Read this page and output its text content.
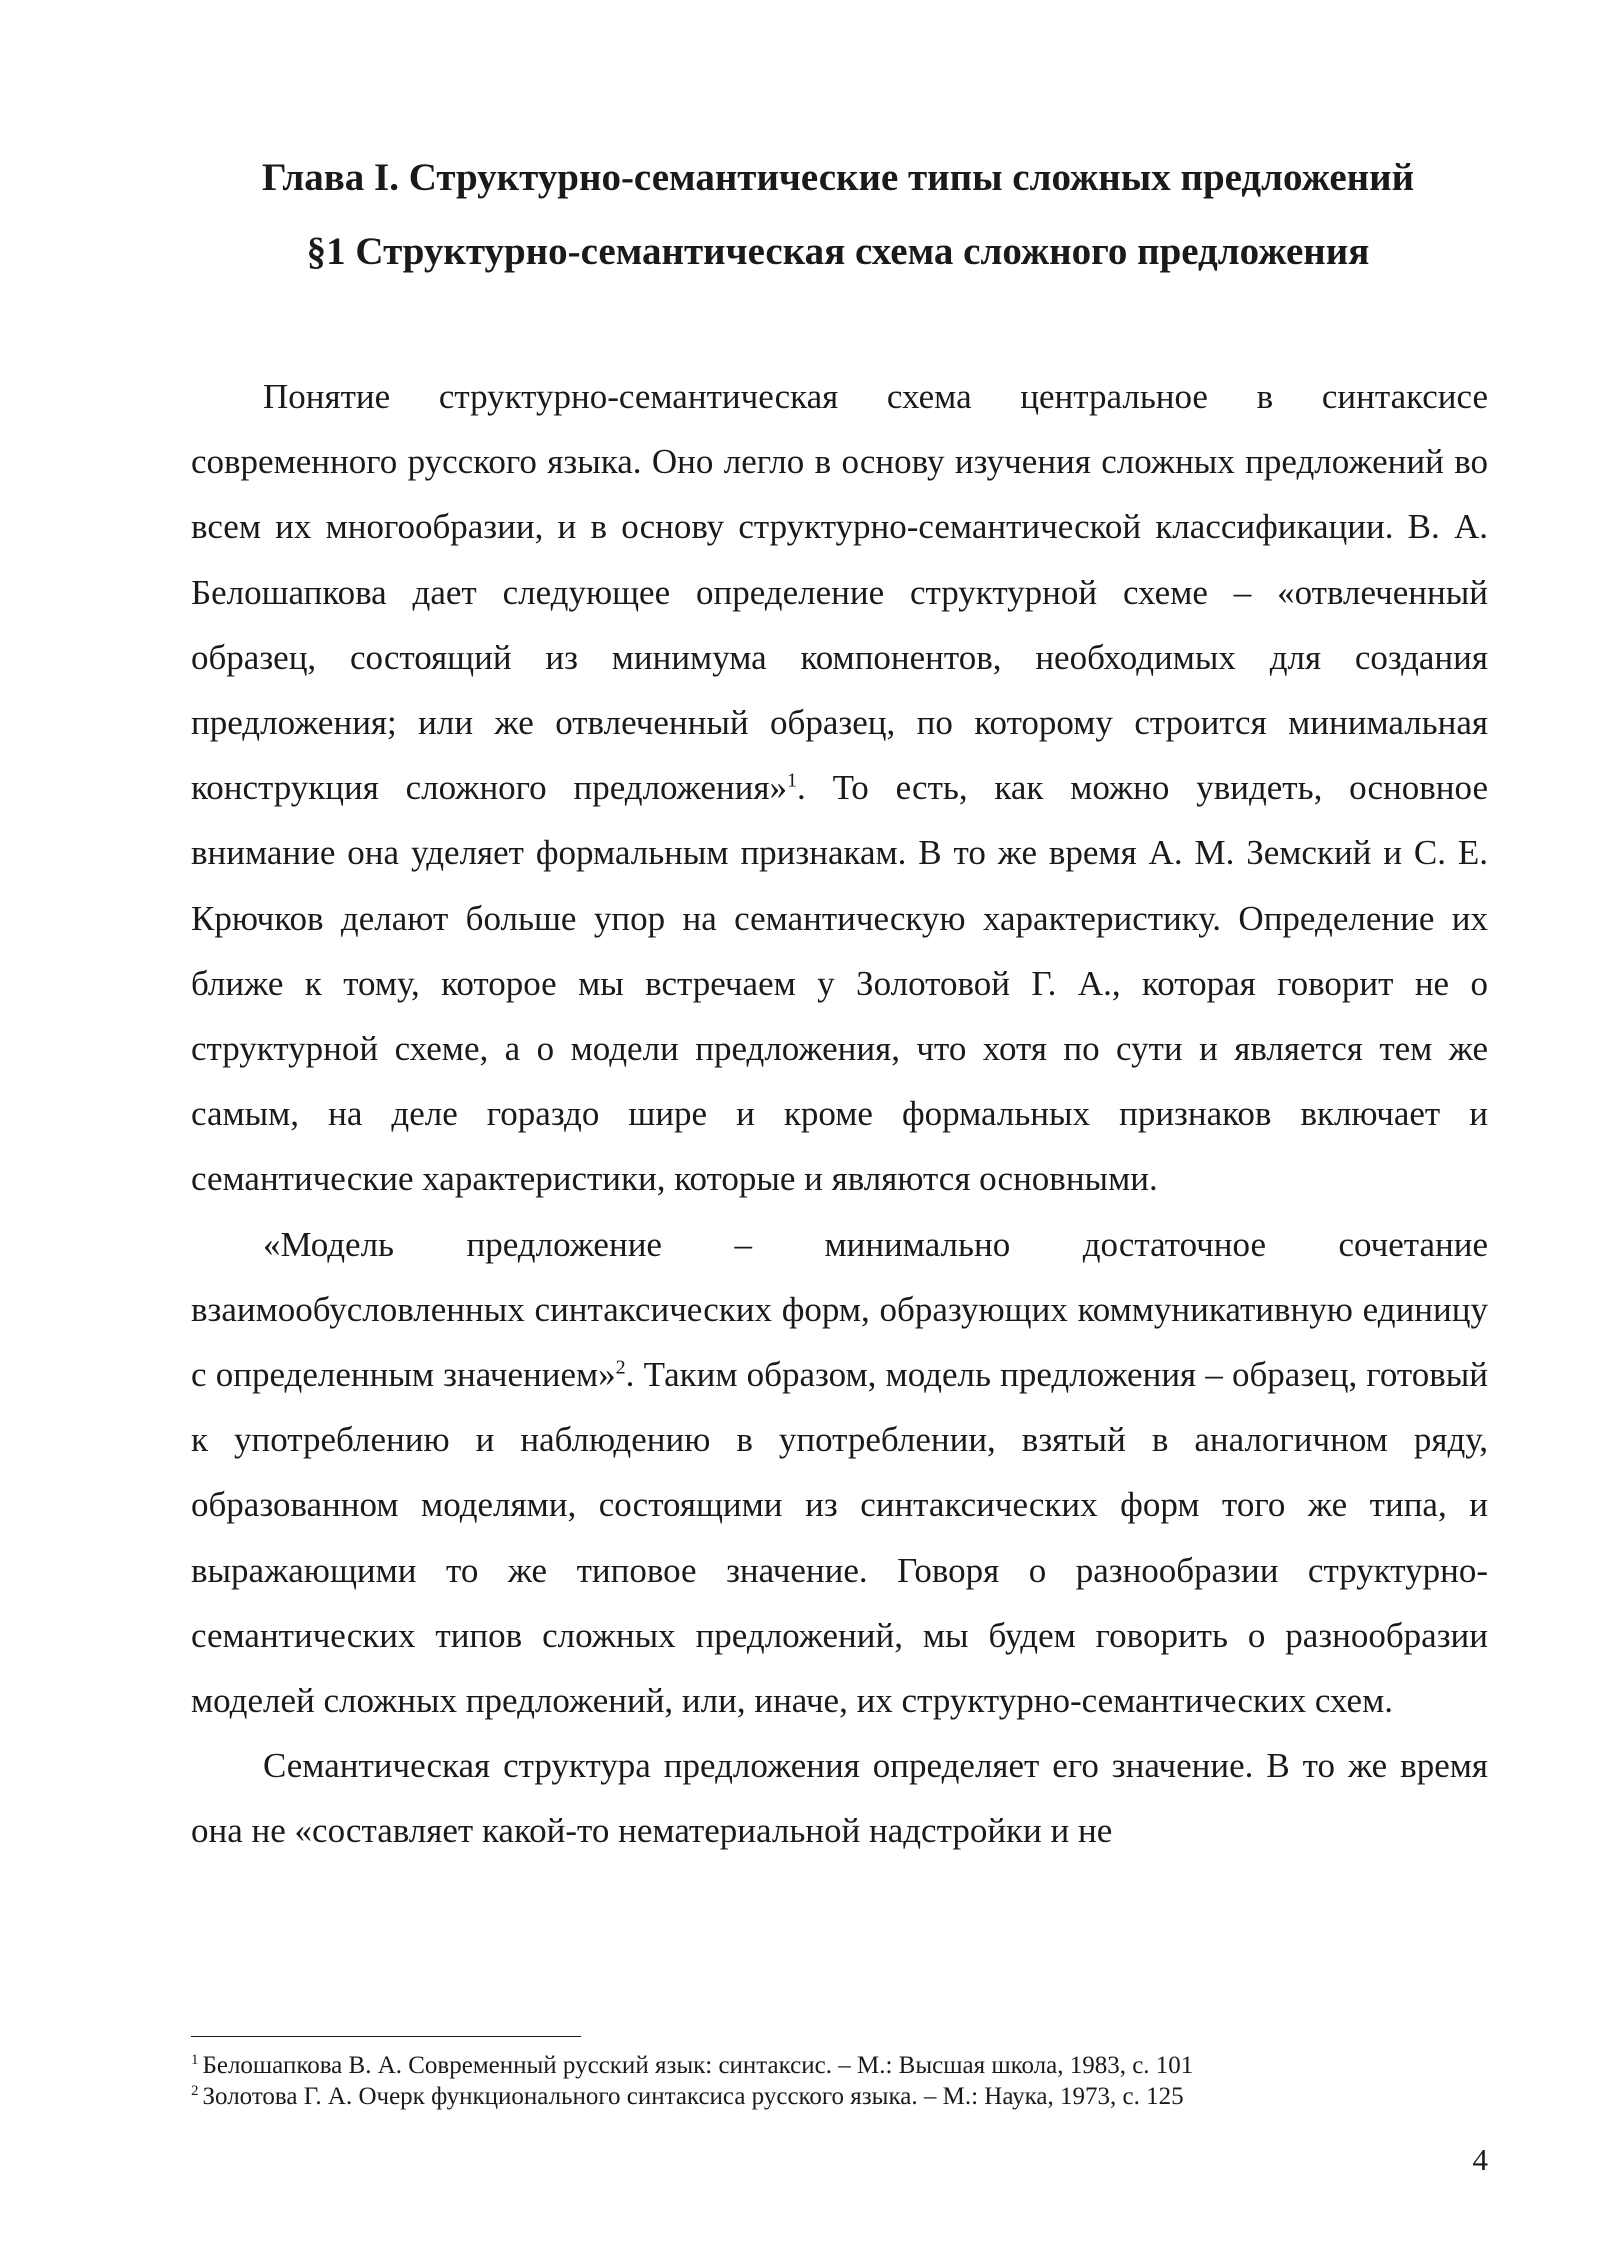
Глава I. Структурно-семантические типы сложных предложений
§1 Структурно-семантическая схема сложного предложения

Понятие структурно-семантическая схема центральное в синтаксисе современного русского языка. Оно легло в основу изучения сложных предложений во всем их многообразии, и в основу структурно-семантической классификации. В. А. Белошапкова дает следующее определение структурной схеме – «отвлеченный образец, состоящий из минимума компонентов, необходимых для создания предложения; или же отвлеченный образец, по которому строится минимальная конструкция сложного предложения»$^1$. То есть, как можно увидеть, основное внимание она уделяет формальным признакам. В то же время А. М. Земский и С. Е. Крючков делают больше упор на семантическую характеристику. Определение их ближе к тому, которое мы встречаем у Золотовой Г. А., которая говорит не о структурной схеме, а о модели предложения, что хотя по сути и является тем же самым, на деле гораздо шире и кроме формальных признаков включает и семантические характеристики, которые и являются основными.

«Модель предложение – минимально достаточное сочетание взаимообусловленных синтаксических форм, образующих коммуникативную единицу с определенным значением»$^2$. Таким образом, модель предложения – образец, готовый к употреблению и наблюдению в употреблении, взятый в аналогичном ряду, образованном моделями, состоящими из синтаксических форм того же типа, и выражающими то же типовое значение. Говоря о разнообразии структурно-семантических типов сложных предложений, мы будем говорить о разнообразии моделей сложных предложений, или, иначе, их структурно-семантических схем.

Семантическая структура предложения определяет его значение. В то же время она не «составляет какой-то нематериальной надстройки и не

$^1$ Белошапкова В. А. Современный русский язык: синтаксис. – М.: Высшая школа, 1983, с. 101

$^2$ Золотова Г. А. Очерк функционального синтаксиса русского языка. – М.: Наука, 1973, с. 125

4
